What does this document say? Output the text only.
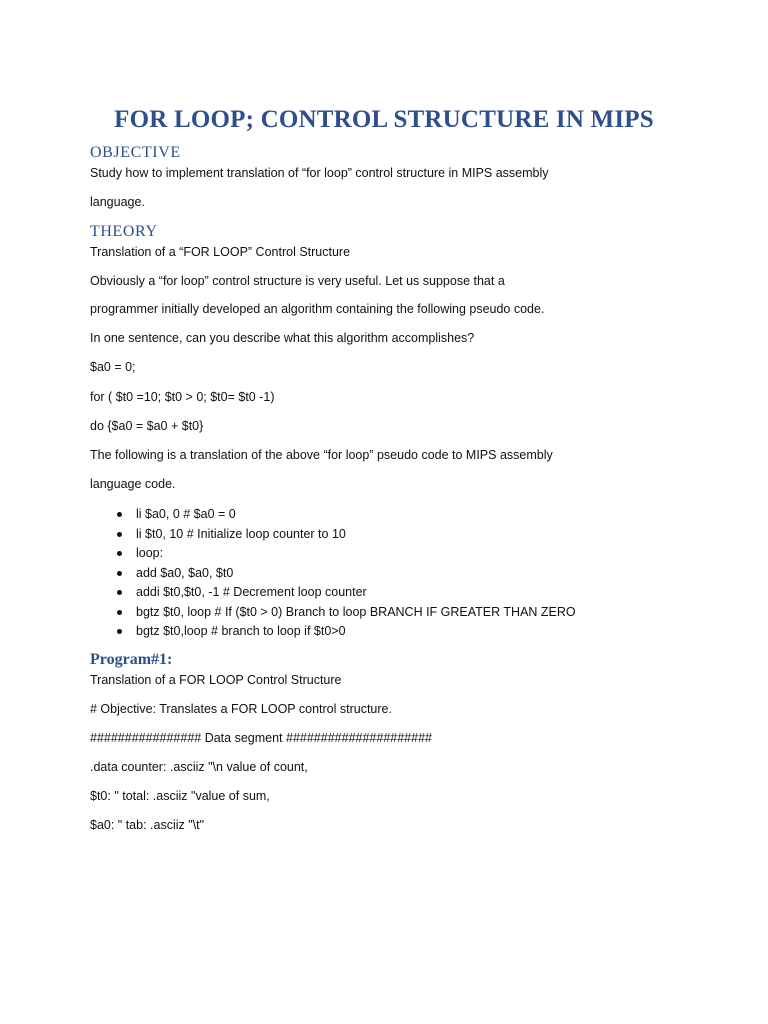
FOR LOOP; CONTROL STRUCTURE IN MIPS
OBJECTIVE
Study how to implement translation of “for loop” control structure in MIPS assembly
language.
THEORY
Translation of a “FOR LOOP” Control Structure
Obviously a “for loop” control structure is very useful. Let us suppose that a
programmer initially developed an algorithm containing the following pseudo code.
In one sentence, can you describe what this algorithm accomplishes?
$a0 = 0;
for ( $t0 =10; $t0 > 0; $t0= $t0 -1)
do {$a0 = $a0 + $t0}
The following is a translation of the above “for loop” pseudo code to MIPS assembly
language code.
li $a0, 0 # $a0 = 0
li $t0, 10 # Initialize loop counter to 10
loop:
add $a0, $a0, $t0
addi $t0,$t0, -1 # Decrement loop counter
bgtz $t0, loop # If ($t0 > 0) Branch to loop BRANCH IF GREATER THAN ZERO
bgtz $t0,loop # branch to loop if $t0>0
Program#1:
Translation of a FOR LOOP Control Structure
# Objective: Translates a FOR LOOP control structure.
################ Data segment #####################
.data counter: .asciiz "\n value of count,
$t0: " total: .asciiz "value of sum,
$a0: " tab: .asciiz "\t"
